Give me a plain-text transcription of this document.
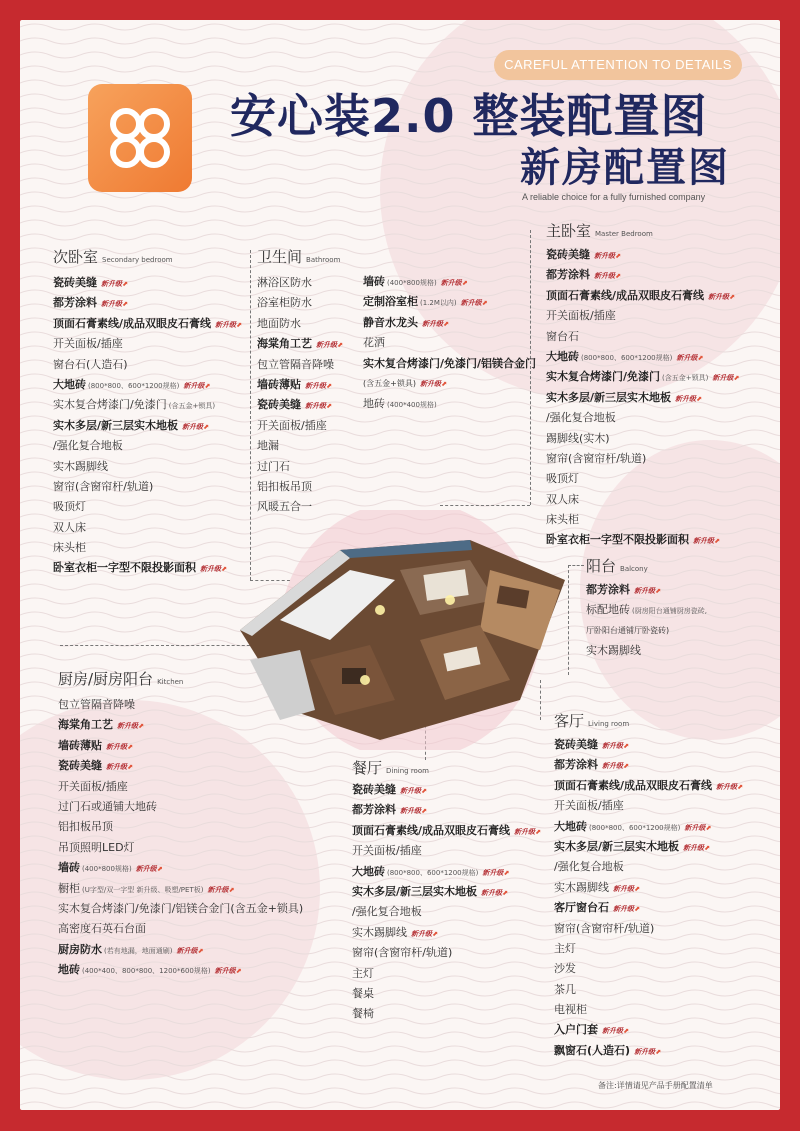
CAREFUL ATTENTION TO DETAILS
安心装2.0 整装配置图
新房配置图
A reliable choice for a fully furnished company
次卧室 Secondary bedroom
瓷砖美缝 新升级⬈
都芳涂料 新升级⬈
顶面石膏素线/成品双眼皮石膏线 新升级⬈
开关面板/插座
窗台石(人造石)
大地砖 (800*800、600*1200规格) 新升级⬈
实木复合烤漆门/免漆门 (含五金+锁具)
实木多层/新三层实木地板 新升级⬈
/强化复合地板
实木踢脚线
窗帘(含窗帘杆/轨道)
吸顶灯
双人床
床头柜
卧室衣柜一字型不限投影面积 新升级⬈
卫生间 Bathroom
淋浴区防水
浴室柜防水
地面防水
海棠角工艺 新升级⬈
包立管隔音降噪
墙砖薄贴 新升级⬈
瓷砖美缝 新升级⬈
开关面板/插座
地漏
过门石
铝扣板吊顶
风暖五合一
墙砖 (400*800规格) 新升级⬈
定制浴室柜 (1.2M以内) 新升级⬈
静音水龙头 新升级⬈
花洒
实木复合烤漆门/免漆门/铝镁合金门
(含五金+锁具) 新升级⬈
地砖 (400*400规格)
主卧室 Master Bedroom
瓷砖美缝 新升级⬈
都芳涂料 新升级⬈
顶面石膏素线/成品双眼皮石膏线 新升级⬈
开关面板/插座
窗台石
大地砖 (800*800、600*1200规格) 新升级⬈
实木复合烤漆门/免漆门 (含五金+锁具) 新升级⬈
实木多层/新三层实木地板 新升级⬈
/强化复合地板
踢脚线(实木)
窗帘(含窗帘杆/轨道)
吸顶灯
双人床
床头柜
卧室衣柜一字型不限投影面积 新升级⬈
阳台 Balcony
都芳涂料 新升级⬈
标配地砖 (厨房阳台通铺厨房瓷砖,
厅卧阳台通铺厅卧瓷砖)
实木踢脚线
厨房/厨房阳台 Kitchen
包立管隔音降噪
海棠角工艺 新升级⬈
墙砖薄贴 新升级⬈
瓷砖美缝 新升级⬈
开关面板/插座
过门石或通铺大地砖
铝扣板吊顶
吊顶照明LED灯
墙砖 (400*800规格) 新升级⬈
橱柜 (U字型/双一字型 新升级、吸塑/PET板) 新升级⬈
实木复合烤漆门/免漆门/铝镁合金门(含五金+锁具)
高密度石英石台面
厨房防水 (若有地漏，地面通刷) 新升级⬈
地砖 (400*400、800*800、1200*600规格) 新升级⬈
餐厅 Dining room
瓷砖美缝 新升级⬈
都芳涂料 新升级⬈
顶面石膏素线/成品双眼皮石膏线 新升级⬈
开关面板/插座
大地砖 (800*800、600*1200规格) 新升级⬈
实木多层/新三层实木地板 新升级⬈
/强化复合地板
实木踢脚线 新升级⬈
窗帘(含窗帘杆/轨道)
主灯
餐桌
餐椅
客厅 Living room
瓷砖美缝 新升级⬈
都芳涂料 新升级⬈
顶面石膏素线/成品双眼皮石膏线 新升级⬈
开关面板/插座
大地砖 (800*800、600*1200规格) 新升级⬈
实木多层/新三层实木地板 新升级⬈
/强化复合地板
实木踢脚线 新升级⬈
客厅窗台石 新升级⬈
窗帘(含窗帘杆/轨道)
主灯
沙发
茶几
电视柜
入户门套 新升级⬈
飘窗石(人造石) 新升级⬈
备注:详情请见产品手册配置清单
